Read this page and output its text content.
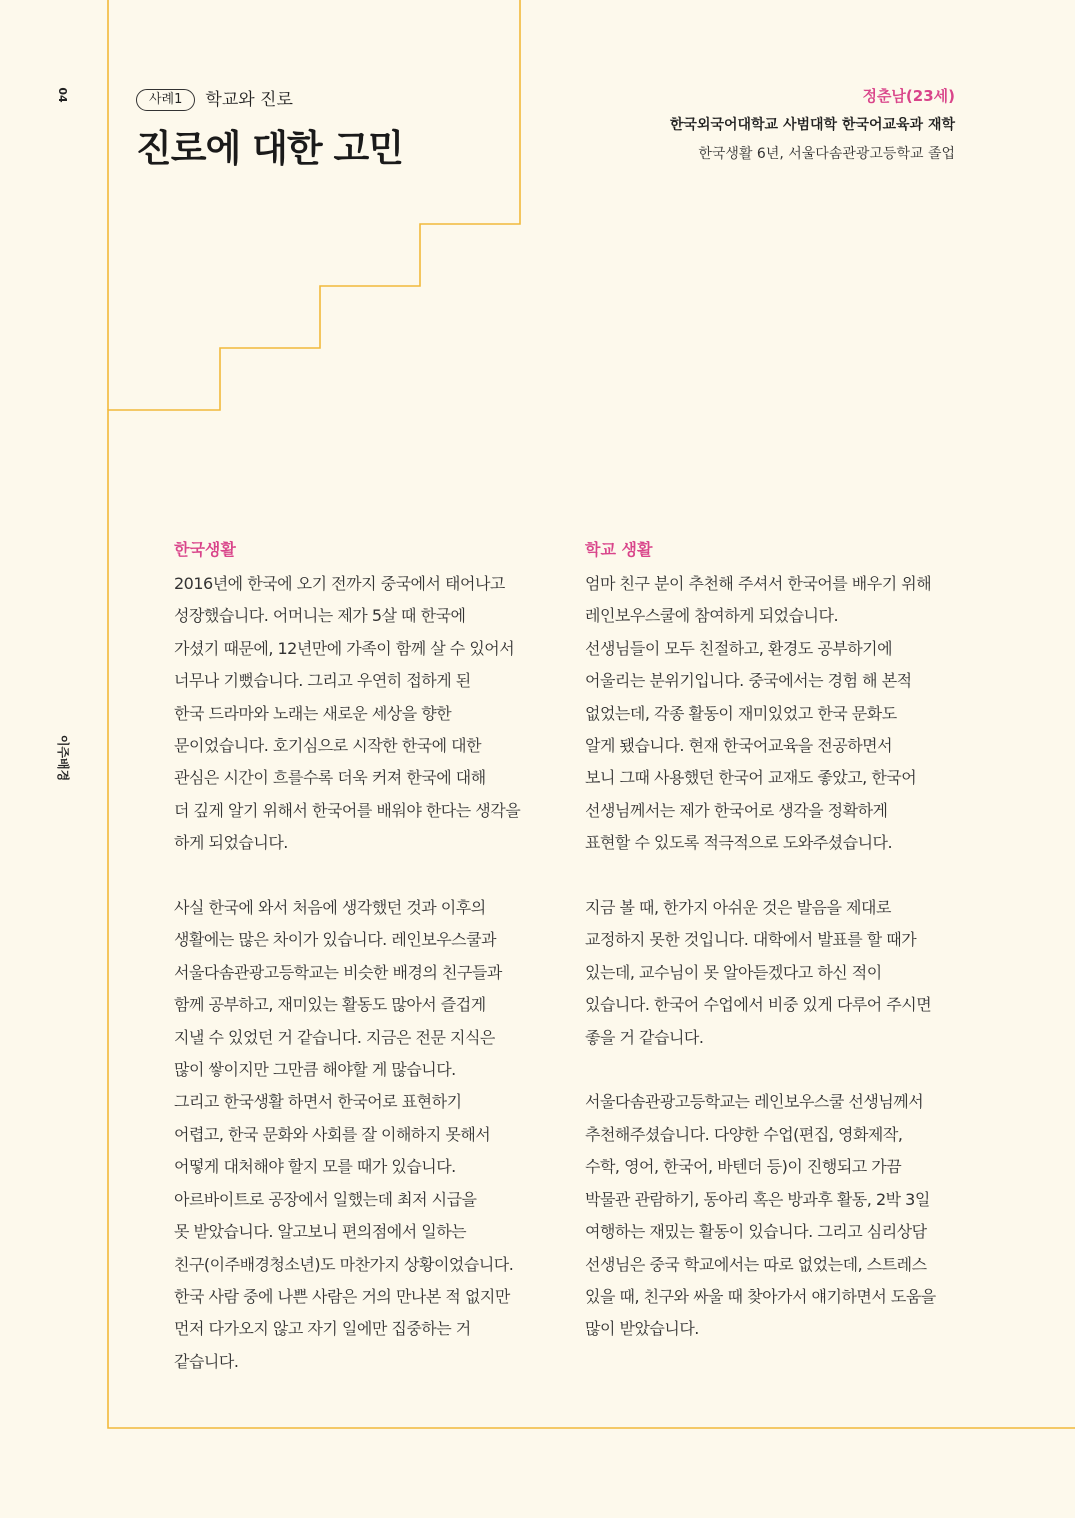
04
이주배경
사례1	학교와 진로
진로에 대한 고민
정춘남(23세)
한국외국어대학교 사범대학 한국어교육과 재학
한국생활 6년, 서울다솜관광고등학교 졸업
한국생활

2016년에 한국에 오기 전까지 중국에서 태어나고

성장했습니다. 어머니는 제가 5살 때 한국에

가셨기 때문에, 12년만에 가족이 함께 살 수 있어서

너무나 기뻤습니다. 그리고 우연히 접하게 된

한국 드라마와 노래는 새로운 세상을 향한

문이었습니다. 호기심으로 시작한 한국에 대한

관심은 시간이 흐를수록 더욱 커져 한국에 대해

더 깊게 알기 위해서 한국어를 배워야 한다는 생각을

하게 되었습니다.

사실 한국에 와서 처음에 생각했던 것과 이후의

생활에는 많은 차이가 있습니다. 레인보우스쿨과

서울다솜관광고등학교는 비슷한 배경의 친구들과

함께 공부하고, 재미있는 활동도 많아서 즐겁게

지낼 수 있었던 거 같습니다. 지금은 전문 지식은

많이 쌓이지만 그만큼 해야할 게 많습니다.

그리고 한국생활 하면서 한국어로 표현하기

어렵고, 한국 문화와 사회를 잘 이해하지 못해서

어떻게 대처해야 할지 모를 때가 있습니다.

아르바이트로 공장에서 일했는데 최저 시급을

못 받았습니다. 알고보니 편의점에서 일하는

친구(이주배경청소년)도 마찬가지 상황이었습니다.

한국 사람 중에 나쁜 사람은 거의 만나본 적 없지만

먼저 다가오지 않고 자기 일에만 집중하는 거

같습니다.

학교 생활

엄마 친구 분이 추천해 주셔서 한국어를 배우기 위해

레인보우스쿨에 참여하게 되었습니다.

선생님들이 모두 친절하고, 환경도 공부하기에

어울리는 분위기입니다. 중국에서는 경험 해 본적

없었는데, 각종 활동이 재미있었고 한국 문화도

알게 됐습니다. 현재 한국어교육을 전공하면서

보니 그때 사용했던 한국어 교재도 좋았고, 한국어

선생님께서는 제가 한국어로 생각을 정확하게

표현할 수 있도록 적극적으로 도와주셨습니다.

지금 볼 때, 한가지 아쉬운 것은 발음을 제대로

교정하지 못한 것입니다. 대학에서 발표를 할 때가

있는데, 교수님이 못 알아듣겠다고 하신 적이

있습니다. 한국어 수업에서 비중 있게 다루어 주시면

좋을 거 같습니다.

서울다솜관광고등학교는 레인보우스쿨 선생님께서

추천해주셨습니다. 다양한 수업(편집, 영화제작,

수학, 영어, 한국어, 바텐더 등)이 진행되고 가끔

박물관 관람하기, 동아리 혹은 방과후 활동, 2박 3일

여행하는 재밌는 활동이 있습니다. 그리고 심리상담

선생님은 중국 학교에서는 따로 없었는데, 스트레스

있을 때, 친구와 싸울 때 찾아가서 얘기하면서 도움을

많이 받았습니다.
